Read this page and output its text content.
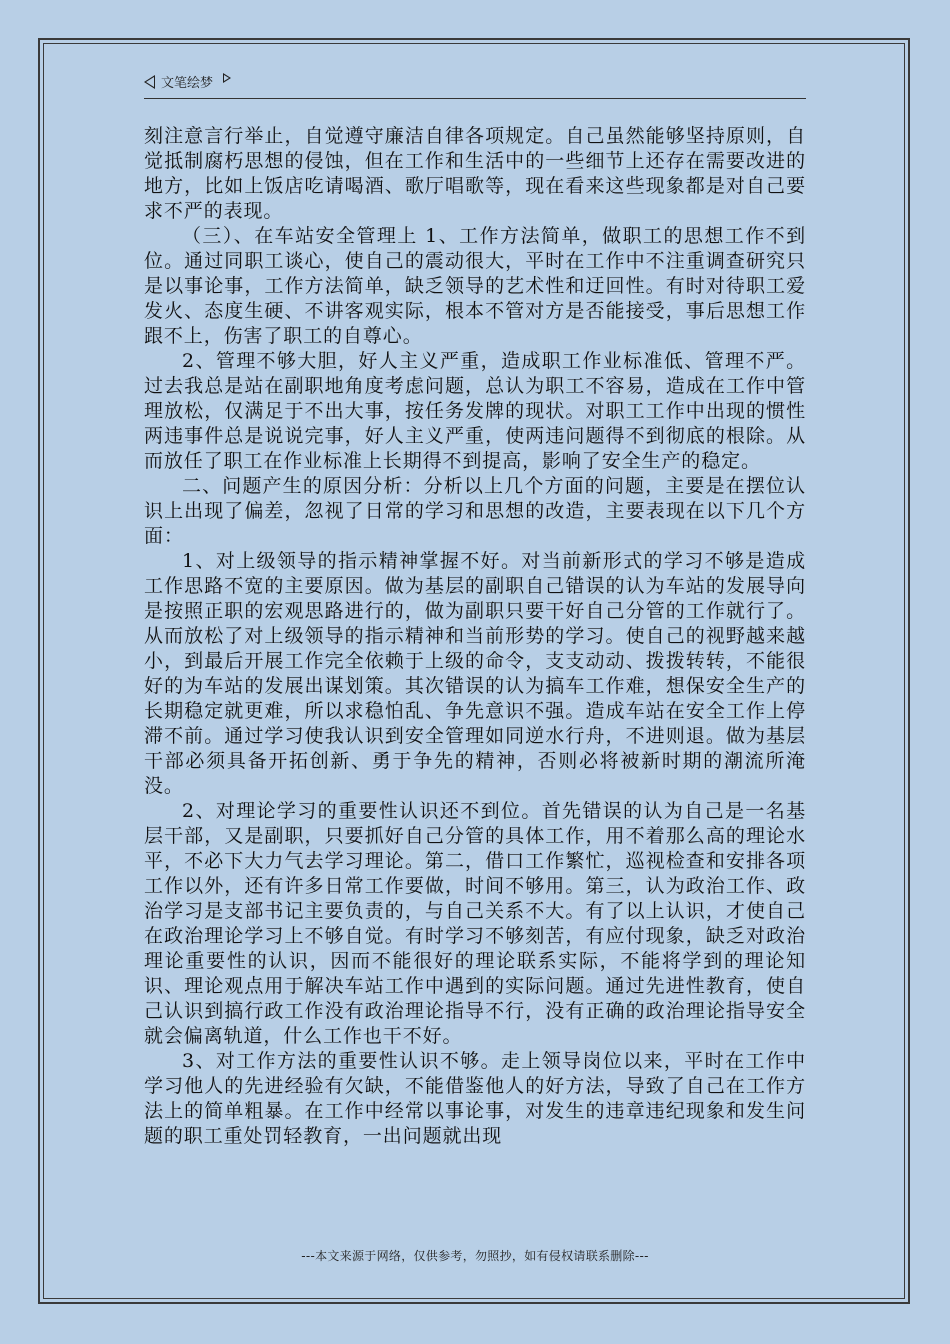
文笔绘梦

刻注意言行举止，自觉遵守廉洁自律各项规定。自己虽然能够坚持原则，自觉抵制腐朽思想的侵蚀，但在工作和生活中的一些细节上还存在需要改进的地方，比如上饭店吃请喝酒、歌厅唱歌等，现在看来这些现象都是对自己要求不严的表现。

（三）、在车站安全管理上 1、工作方法简单，做职工的思想工作不到位。通过同职工谈心，使自己的震动很大，平时在工作中不注重调查研究只是以事论事，工作方法简单，缺乏领导的艺术性和迂回性。有时对待职工爱发火、态度生硬、不讲客观实际，根本不管对方是否能接受，事后思想工作跟不上，伤害了职工的自尊心。

2、管理不够大胆，好人主义严重，造成职工作业标准低、管理不严。过去我总是站在副职地角度考虑问题，总认为职工不容易，造成在工作中管理放松，仅满足于不出大事，按任务发牌的现状。对职工工作中出现的惯性两违事件总是说说完事，好人主义严重，使两违问题得不到彻底的根除。从而放任了职工在作业标准上长期得不到提高，影响了安全生产的稳定。

二、问题产生的原因分析：分析以上几个方面的问题，主要是在摆位认识上出现了偏差，忽视了日常的学习和思想的改造，主要表现在以下几个方面：

1、对上级领导的指示精神掌握不好。对当前新形式的学习不够是造成工作思路不宽的主要原因。做为基层的副职自己错误的认为车站的发展导向是按照正职的宏观思路进行的，做为副职只要干好自己分管的工作就行了。从而放松了对上级领导的指示精神和当前形势的学习。使自己的视野越来越小，到最后开展工作完全依赖于上级的命令，支支动动、拨拨转转，不能很好的为车站的发展出谋划策。其次错误的认为搞车工作难，想保安全生产的长期稳定就更难，所以求稳怕乱、争先意识不强。造成车站在安全工作上停滞不前。通过学习使我认识到安全管理如同逆水行舟，不进则退。做为基层干部必须具备开拓创新、勇于争先的精神，否则必将被新时期的潮流所淹没。

2、对理论学习的重要性认识还不到位。首先错误的认为自己是一名基层干部，又是副职，只要抓好自己分管的具体工作，用不着那么高的理论水平，不必下大力气去学习理论。第二，借口工作繁忙，巡视检查和安排各项工作以外，还有许多日常工作要做，时间不够用。第三，认为政治工作、政治学习是支部书记主要负责的，与自己关系不大。有了以上认识，才使自己在政治理论学习上不够自觉。有时学习不够刻苦，有应付现象，缺乏对政治理论重要性的认识，因而不能很好的理论联系实际，不能将学到的理论知识、理论观点用于解决车站工作中遇到的实际问题。通过先进性教育，使自己认识到搞行政工作没有政治理论指导不行，没有正确的政治理论指导安全就会偏离轨道，什么工作也干不好。

3、对工作方法的重要性认识不够。走上领导岗位以来，平时在工作中学习他人的先进经验有欠缺，不能借鉴他人的好方法，导致了自己在工作方法上的简单粗暴。在工作中经常以事论事，对发生的违章违纪现象和发生问题的职工重处罚轻教育，一出问题就出现

---本文来源于网络，仅供参考，勿照抄，如有侵权请联系删除---
